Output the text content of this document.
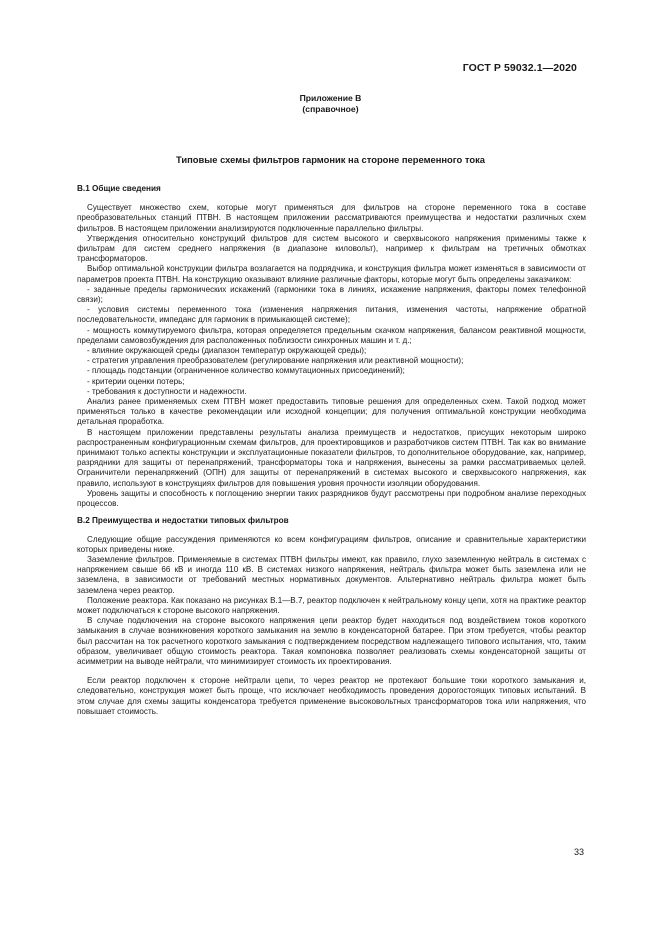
ГОСТ Р 59032.1—2020
Приложение В
(справочное)
Типовые схемы фильтров гармоник на стороне переменного тока
В.1 Общие сведения

Существует множество схем, которые могут применяться для фильтров на стороне переменного тока в составе преобразовательных станций ПТВН. В настоящем приложении рассматриваются преимущества и недостатки различных схем фильтров. В настоящем приложении анализируются подключенные параллельно фильтры.

Утверждения относительно конструкций фильтров для систем высокого и сверхвысокого напряжения применимы также к фильтрам для систем среднего напряжения (в диапазоне киловольт), например к фильтрам на третичных обмотках трансформаторов.

Выбор оптимальной конструкции фильтра возлагается на подрядчика, и конструкция фильтра может изменяться в зависимости от параметров проекта ПТВН. На конструкцию оказывают влияние различные факторы, которые могут быть определены заказчиком:

- заданные пределы гармонических искажений (гармоники тока в линиях, искажение напряжения, факторы помех телефонной связи);

- условия системы переменного тока (изменения напряжения питания, изменения частоты, напряжение обратной последовательности, импеданс для гармоник в примыкающей системе);

- мощность коммутируемого фильтра, которая определяется предельным скачком напряжения, балансом реактивной мощности, пределами самовозбуждения для расположенных поблизости синхронных машин и т. д.;

- влияние окружающей среды (диапазон температур окружающей среды);

- стратегия управления преобразователем (регулирование напряжения или реактивной мощности);

- площадь подстанции (ограниченное количество коммутационных присоединений);

- критерии оценки потерь;

- требования к доступности и надежности.

Анализ ранее применяемых схем ПТВН может предоставить типовые решения для определенных схем. Такой подход может применяться только в качестве рекомендации или исходной концепции; для получения оптимальной конструкции необходима детальная проработка.

В настоящем приложении представлены результаты анализа преимуществ и недостатков, присущих некоторым широко распространенным конфигурационным схемам фильтров, для проектировщиков и разработчиков систем ПТВН. Так как во внимание принимают только аспекты конструкции и эксплуатационные показатели фильтров, то дополнительное оборудование, как, например, разрядники для защиты от перенапряжений, трансформаторы тока и напряжения, вынесены за рамки рассматриваемых целей. Ограничители перенапряжений (ОПН) для защиты от перенапряжений в системах высокого и сверхвысокого напряжения, как правило, используют в конструкциях фильтров для повышения уровня прочности изоляции оборудования.

Уровень защиты и способность к поглощению энергии таких разрядников будут рассмотрены при подробном анализе переходных процессов.

В.2 Преимущества и недостатки типовых фильтров

Следующие общие рассуждения применяются ко всем конфигурациям фильтров, описание и сравнительные характеристики которых приведены ниже.

Заземление фильтров. Применяемые в системах ПТВН фильтры имеют, как правило, глухо заземленную нейтраль в системах с напряжением свыше 66 кВ и иногда 110 кВ. В системах низкого напряжения, нейтраль фильтра может быть заземлена или не заземлена, в зависимости от требований местных нормативных документов. Альтернативно нейтраль фильтра может быть заземлена через реактор.

Положение реактора. Как показано на рисунках В.1—В.7, реактор подключен к нейтральному концу цепи, хотя на практике реактор может подключаться к стороне высокого напряжения.

В случае подключения на стороне высокого напряжения цепи реактор будет находиться под воздействием токов короткого замыкания в случае возникновения короткого замыкания на землю в конденсаторной батарее. При этом требуется, чтобы реактор был рассчитан на ток расчетного короткого замыкания с подтверждением посредством надлежащего типового испытания, что, таким образом, увеличивает общую стоимость реактора. Такая компоновка позволяет реализовать схемы конденсаторной защиты от асимметрии на выводе нейтрали, что минимизирует стоимость их проектирования.

Если реактор подключен к стороне нейтрали цепи, то через реактор не протекают большие токи короткого замыкания и, следовательно, конструкция может быть проще, что исключает необходимость проведения дорогостоящих типовых испытаний. В этом случае для схемы защиты конденсатора требуется применение высоковольтных трансформаторов тока или напряжения, что повышает стоимость.

33
